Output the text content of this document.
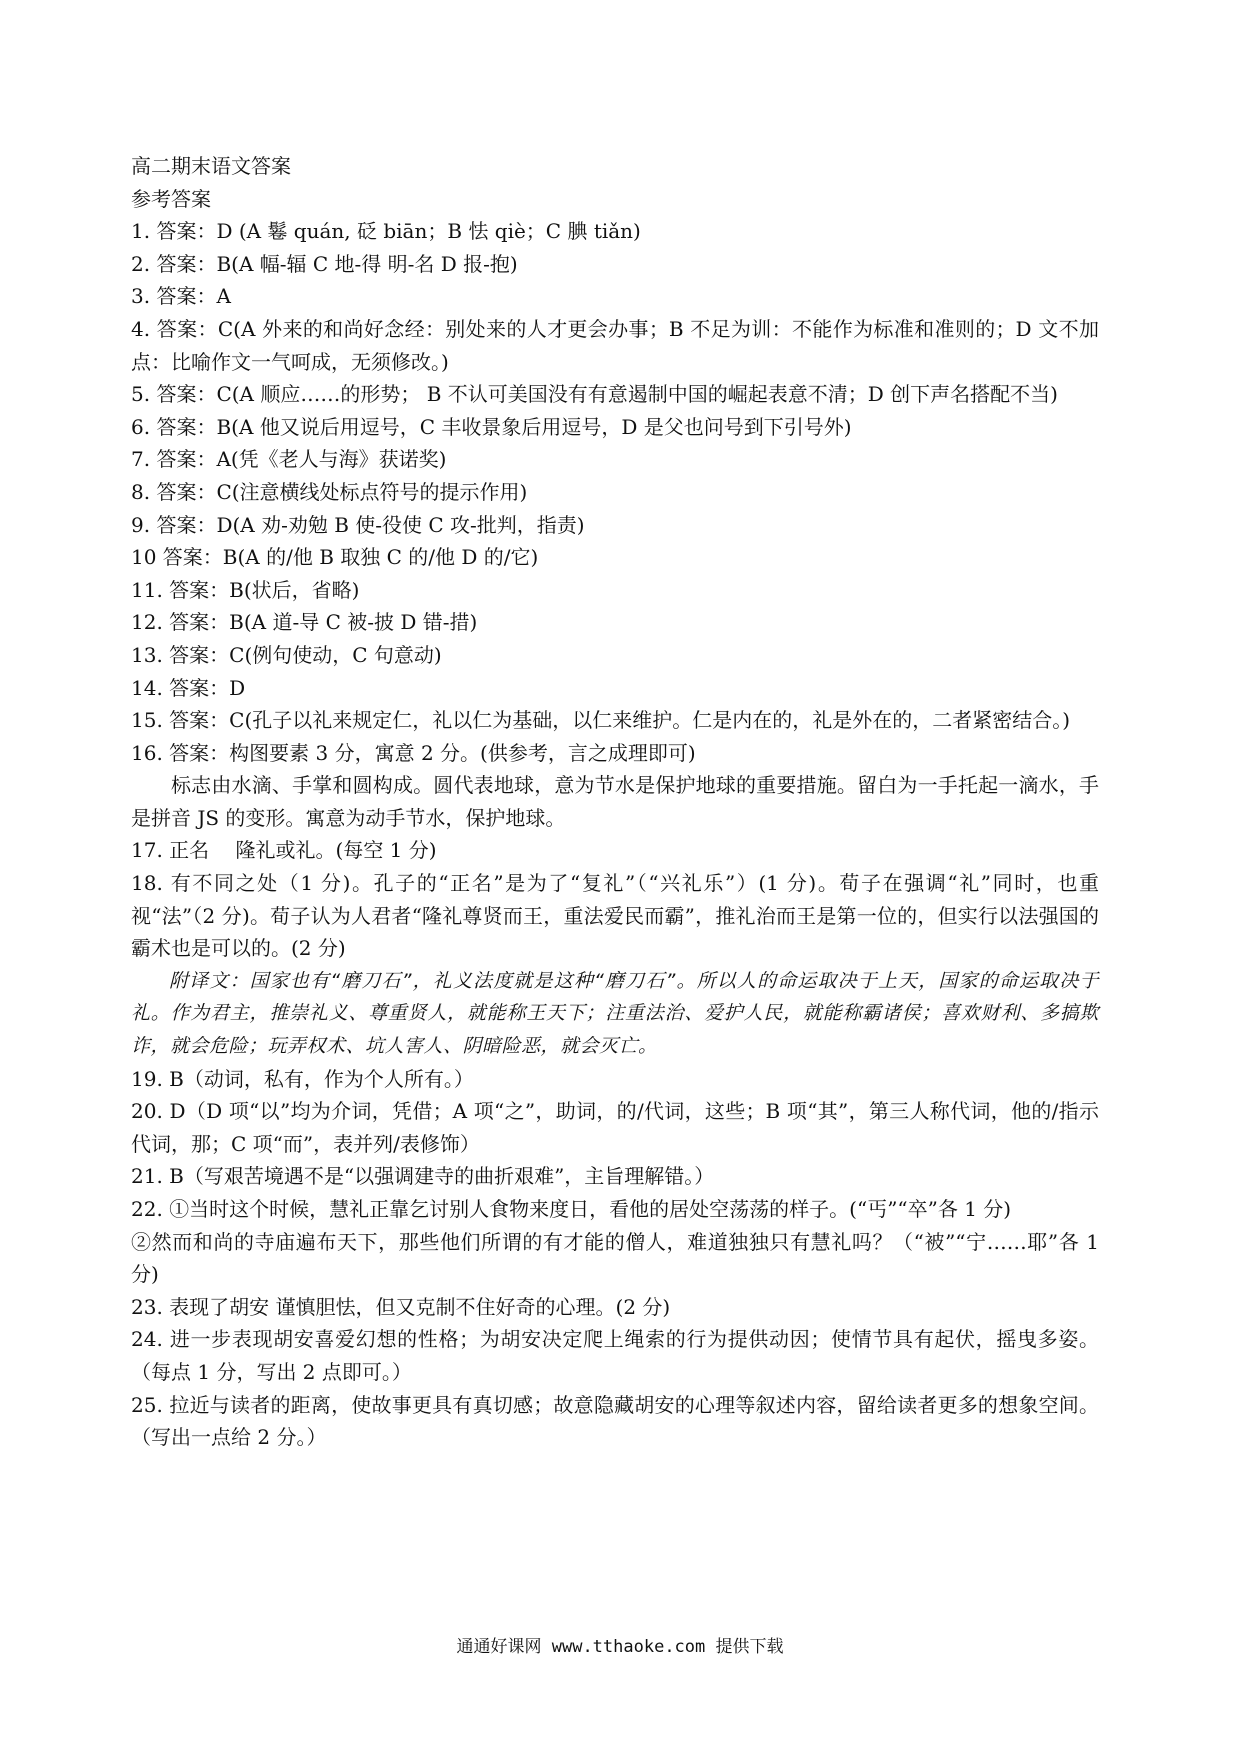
高二期末语文答案
参考答案
1. 答案：D (A 鬈 quán, 砭 biān；B 怯 qiè；C 腆 tiǎn)
2. 答案：B(A 幅-辐 C 地-得 明-名 D 报-抱)
3. 答案：A
4. 答案：C(A 外来的和尚好念经：别处来的人才更会办事；B 不足为训：不能作为标准和准则的；D 文不加点：比喻作文一气呵成，无须修改。)
5. 答案：C(A 顺应……的形势； B 不认可美国没有有意遏制中国的崛起表意不清；D 创下声名搭配不当)
6. 答案：B(A 他又说后用逗号，C 丰收景象后用逗号，D 是父也问号到下引号外)
7. 答案：A(凭《老人与海》获诺奖)
8. 答案：C(注意横线处标点符号的提示作用)
9. 答案：D(A 劝-劝勉 B 使-役使 C 攻-批判，指责)
10 答案：B(A 的/他 B 取独 C 的/他 D 的/它)
11. 答案：B(状后，省略)
12. 答案：B(A 道-导 C 被-披 D 错-措)
13. 答案：C(例句使动，C 句意动)
14. 答案：D
15. 答案：C(孔子以礼来规定仁，礼以仁为基础，以仁来维护。仁是内在的，礼是外在的，二者紧密结合。)
16. 答案：构图要素 3 分，寓意 2 分。(供参考，言之成理即可)
标志由水滴、手掌和圆构成。圆代表地球，意为节水是保护地球的重要措施。留白为一手托起一滴水，手是拼音 JS 的变形。寓意为动手节水，保护地球。
17. 正名　 隆礼或礼。(每空 1 分)
18. 有不同之处（1 分)。孔子的“正名”是为了“复礼”（“兴礼乐”）(1 分)。荀子在强调“礼”同时，也重视“法”（2 分)。荀子认为人君者“隆礼尊贤而王，重法爱民而霸”，推礼治而王是第一位的，但实行以法强国的霸术也是可以的。(2 分)
附译文：国家也有“磨刀石”，礼义法度就是这种“磨刀石”。所以人的命运取决于上天，国家的命运取决于礼。作为君主，推崇礼义、尊重贤人，就能称王天下；注重法治、爱护人民，就能称霸诸侯；喜欢财利、多搞欺诈，就会危险；玩弄权术、坑人害人、阴暗险恶，就会灭亡。
19. B（动词，私有，作为个人所有。）
20. D（D 项“以”均为介词，凭借；A 项“之”，助词，的/代词，这些；B 项“其”，第三人称代词，他的/指示代词，那；C 项“而”，表并列/表修饰）
21. B（写艰苦境遇不是“以强调建寺的曲折艰难”，主旨理解错。）
22. ①当时这个时候，慧礼正靠乞讨别人食物来度日，看他的居处空荡荡的样子。(“丐”“卒”各 1 分)
②然而和尚的寺庙遍布天下，那些他们所谓的有才能的僧人，难道独独只有慧礼吗？（“被”“宁……耶”各 1 分)
23. 表现了胡安 谨慎胆怯，但又克制不住好奇的心理。(2 分)
24. 进一步表现胡安喜爱幻想的性格；为胡安决定爬上绳索的行为提供动因；使情节具有起伏，摇曳多姿。（每点 1 分，写出 2 点即可。）
25. 拉近与读者的距离，使故事更具有真切感；故意隐藏胡安的心理等叙述内容，留给读者更多的想象空间。（写出一点给 2 分。）
通通好课网 www.tthaoke.com 提供下载
